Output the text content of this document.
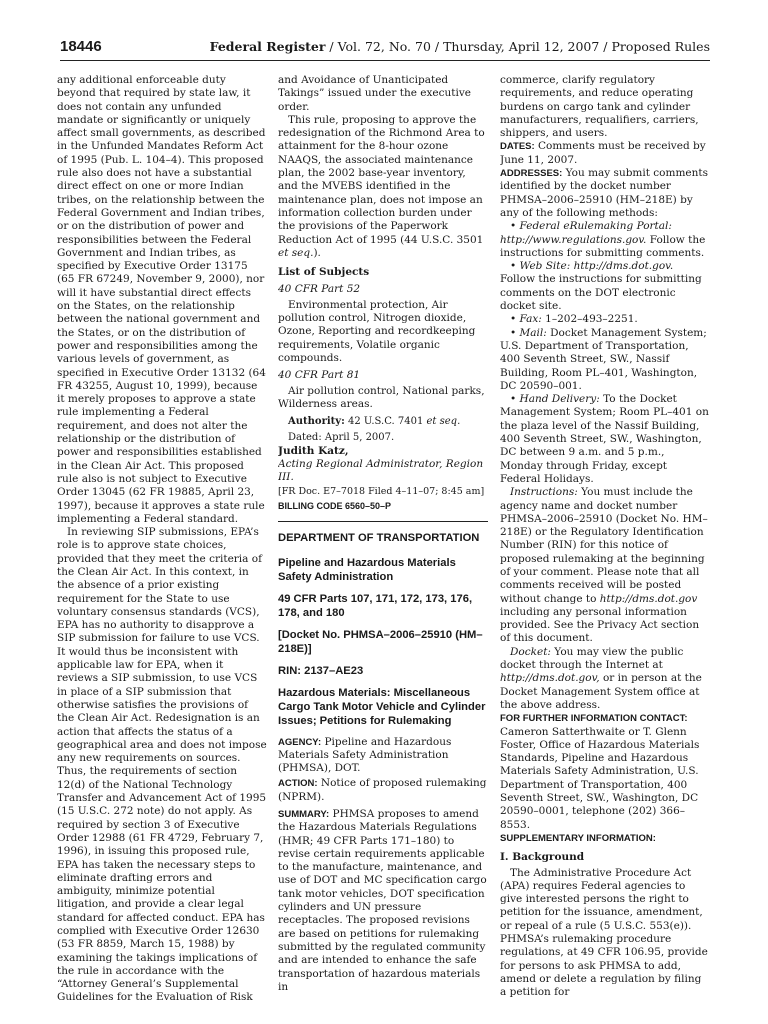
18446	Federal Register / Vol. 72, No. 70 / Thursday, April 12, 2007 / Proposed Rules

any additional enforceable duty beyond that required by state law, it does not contain any unfunded mandate or significantly or uniquely affect small governments, as described in the Unfunded Mandates Reform Act of 1995 (Pub. L. 104–4). This proposed rule also does not have a substantial direct effect on one or more Indian tribes, on the relationship between the Federal Government and Indian tribes, or on the distribution of power and responsibilities between the Federal Government and Indian tribes, as specified by Executive Order 13175 (65 FR 67249, November 9, 2000), nor will it have substantial direct effects on the States, on the relationship between the national government and the States, or on the distribution of power and responsibilities among the various levels of government, as specified in Executive Order 13132 (64 FR 43255, August 10, 1999), because it merely proposes to approve a state rule implementing a Federal requirement, and does not alter the relationship or the distribution of power and responsibilities established in the Clean Air Act. This proposed rule also is not subject to Executive Order 13045 (62 FR 19885, April 23, 1997), because it approves a state rule implementing a Federal standard.

In reviewing SIP submissions, EPA’s role is to approve state choices, provided that they meet the criteria of the Clean Air Act. In this context, in the absence of a prior existing requirement for the State to use voluntary consensus standards (VCS), EPA has no authority to disapprove a SIP submission for failure to use VCS. It would thus be inconsistent with applicable law for EPA, when it reviews a SIP submission, to use VCS in place of a SIP submission that otherwise satisfies the provisions of the Clean Air Act. Redesignation is an action that affects the status of a geographical area and does not impose any new requirements on sources. Thus, the requirements of section 12(d) of the National Technology Transfer and Advancement Act of 1995 (15 U.S.C. 272 note) do not apply. As required by section 3 of Executive Order 12988 (61 FR 4729, February 7, 1996), in issuing this proposed rule, EPA has taken the necessary steps to eliminate drafting errors and ambiguity, minimize potential litigation, and provide a clear legal standard for affected conduct. EPA has complied with Executive Order 12630 (53 FR 8859, March 15, 1988) by examining the takings implications of the rule in accordance with the “Attorney General’s Supplemental Guidelines for the Evaluation of Risk

and Avoidance of Unanticipated Takings” issued under the executive order.

This rule, proposing to approve the redesignation of the Richmond Area to attainment for the 8-hour ozone NAAQS, the associated maintenance plan, the 2002 base-year inventory, and the MVEBS identified in the maintenance plan, does not impose an information collection burden under the provisions of the Paperwork Reduction Act of 1995 (44 U.S.C. 3501 et seq.).

List of Subjects
40 CFR Part 52

Environmental protection, Air pollution control, Nitrogen dioxide, Ozone, Reporting and recordkeeping requirements, Volatile organic compounds.

40 CFR Part 81

Air pollution control, National parks, Wilderness areas.

Authority: 42 U.S.C. 7401 et seq.

Dated: April 5, 2007.

Judith Katz,
Acting Regional Administrator, Region III.
[FR Doc. E7–7018 Filed 4–11–07; 8:45 am]
BILLING CODE 6560–50–P
DEPARTMENT OF TRANSPORTATION
Pipeline and Hazardous Materials Safety Administration
49 CFR Parts 107, 171, 172, 173, 176, 178, and 180
[Docket No. PHMSA–2006–25910 (HM–218E)]
RIN: 2137–AE23
Hazardous Materials: Miscellaneous Cargo Tank Motor Vehicle and Cylinder Issues; Petitions for Rulemaking

AGENCY: Pipeline and Hazardous Materials Safety Administration (PHMSA), DOT.

ACTION: Notice of proposed rulemaking (NPRM).

SUMMARY: PHMSA proposes to amend the Hazardous Materials Regulations (HMR; 49 CFR Parts 171–180) to revise certain requirements applicable to the manufacture, maintenance, and use of DOT and MC specification cargo tank motor vehicles, DOT specification cylinders and UN pressure receptacles. The proposed revisions are based on petitions for rulemaking submitted by the regulated community and are intended to enhance the safe transportation of hazardous materials in

commerce, clarify regulatory requirements, and reduce operating burdens on cargo tank and cylinder manufacturers, requalifiers, carriers, shippers, and users.

DATES: Comments must be received by June 11, 2007.

ADDRESSES: You may submit comments identified by the docket number PHMSA–2006–25910 (HM–218E) by any of the following methods:

• Federal eRulemaking Portal: http://www.regulations.gov. Follow the instructions for submitting comments.

• Web Site: http://dms.dot.gov. Follow the instructions for submitting comments on the DOT electronic docket site.

• Fax: 1–202–493–2251.

• Mail: Docket Management System; U.S. Department of Transportation, 400 Seventh Street, SW., Nassif Building, Room PL–401, Washington, DC 20590–001.

• Hand Delivery: To the Docket Management System; Room PL–401 on the plaza level of the Nassif Building, 400 Seventh Street, SW., Washington, DC between 9 a.m. and 5 p.m., Monday through Friday, except Federal Holidays.

Instructions: You must include the agency name and docket number PHMSA–2006–25910 (Docket No. HM–218E) or the Regulatory Identification Number (RIN) for this notice of proposed rulemaking at the beginning of your comment. Please note that all comments received will be posted without change to http://dms.dot.gov including any personal information provided. See the Privacy Act section of this document.

Docket: You may view the public docket through the Internet at http://dms.dot.gov, or in person at the Docket Management System office at the above address.

FOR FURTHER INFORMATION CONTACT:

Cameron Satterthwaite or T. Glenn Foster, Office of Hazardous Materials Standards, Pipeline and Hazardous Materials Safety Administration, U.S. Department of Transportation, 400 Seventh Street, SW., Washington, DC 20590–0001, telephone (202) 366–8553.

SUPPLEMENTARY INFORMATION:
I. Background

The Administrative Procedure Act (APA) requires Federal agencies to give interested persons the right to petition for the issuance, amendment, or repeal of a rule (5 U.S.C. 553(e)). PHMSA’s rulemaking procedure regulations, at 49 CFR 106.95, provide for persons to ask PHMSA to add, amend or delete a regulation by filing a petition for
